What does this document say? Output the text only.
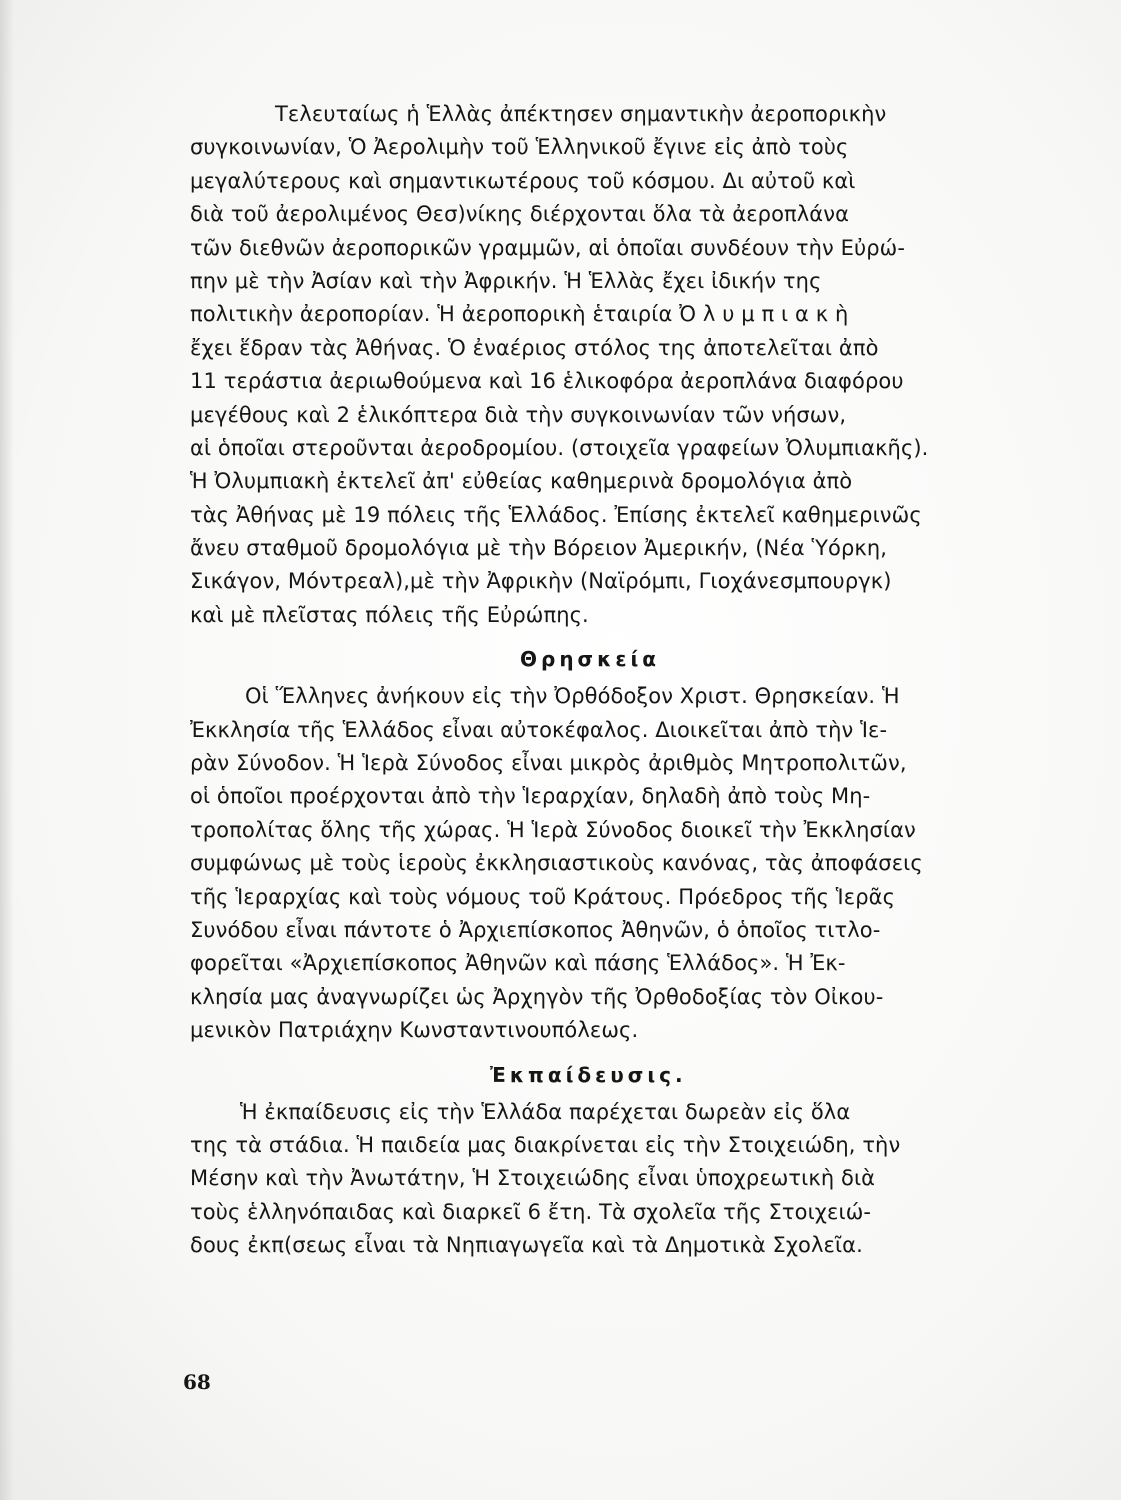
Τελευταίως ἡ Ἑλλὰς ἀπέκτησεν σημαντικὴν ἀεροπορικὴν
συγκοινωνίαν, Ὁ Ἀερολιμὴν τοῦ Ἑλληνικοῦ ἔγινε εἰς ἀπὸ τοὺς
μεγαλύτερους καὶ σημαντικωτέρους τοῦ κόσμου. Δι αὐτοῦ καὶ
διὰ τοῦ ἀερολιμένος Θεσ)νίκης διέρχονται ὅλα τὰ ἀεροπλάνα
τῶν διεθνῶν ἀεροπορικῶν γραμμῶν, αἱ ὁποῖαι συνδέουν τὴν Εὐρώ-
πην μὲ τὴν Ἀσίαν καὶ τὴν Ἀφρικήν. Ἡ Ἑλλὰς ἔχει ἰδικήν της
πολιτικὴν ἀεροπορίαν. Ἡ ἀεροπορικὴ ἑταιρία Ὀ λ υ μ π ι α κ ὴ
ἔχει ἕδραν τὰς Ἀθήνας. Ὁ ἐναέριος στόλος της ἀποτελεῖται ἀπὸ
11 τεράστια ἀεριωθούμενα καὶ 16 ἑλικοφόρα ἀεροπλάνα διαφόρου
μεγέθους καὶ 2 ἑλικόπτερα διὰ τὴν συγκοινωνίαν τῶν νήσων,
αἱ ὁποῖαι στεροῦνται ἀεροδρομίου. (στοιχεῖα γραφείων Ὀλυμπιακῆς).
Ἡ Ὀλυμπιακὴ ἐκτελεῖ ἀπ' εὐθείας καθημερινὰ δρομολόγια ἀπὸ
τὰς Ἀθήνας μὲ 19 πόλεις τῆς Ἑλλάδος. Ἐπίσης ἐκτελεῖ καθημερινῶς
ἄνευ σταθμοῦ δρομολόγια μὲ τὴν Βόρειον Ἀμερικήν, (Νέα Ὑόρκη,
Σικάγον, Μόντρεαλ),μὲ τὴν Ἀφρικὴν (Ναϊρόμπι, Γιοχάνεσμπουργκ)
καὶ μὲ πλεῖστας πόλεις τῆς Εὐρώπης.
Θρησκεία
Οἱ Ἕλληνες ἀνήκουν εἰς τὴν Ὀρθόδοξον Χριστ. Θρησκείαν. Ἡ
Ἐκκλησία τῆς Ἑλλάδος εἶναι αὐτοκέφαλος. Διοικεῖται ἀπὸ τὴν Ἱε-
ρὰν Σύνοδον. Ἡ Ἱερὰ Σύνοδος εἶναι μικρὸς ἀριθμὸς Μητροπολιτῶν,
οἱ ὁποῖοι προέρχονται ἀπὸ τὴν Ἱεραρχίαν, δηλαδὴ ἀπὸ τοὺς Μη-
τροπολίτας ὅλης τῆς χώρας. Ἡ Ἱερὰ Σύνοδος διοικεῖ τὴν Ἐκκλησίαν
συμφώνως μὲ τοὺς ἱεροὺς ἐκκλησιαστικοὺς κανόνας, τὰς ἀποφάσεις
τῆς Ἱεραρχίας καὶ τοὺς νόμους τοῦ Κράτους. Πρόεδρος τῆς Ἱερᾶς
Συνόδου εἶναι πάντοτε ὁ Ἀρχιεπίσκοπος Ἀθηνῶν, ὁ ὁποῖος τιτλο-
φορεῖται «Ἀρχιεπίσκοπος Ἀθηνῶν καὶ πάσης Ἑλλάδος». Ἡ Ἐκ-
κλησία μας ἀναγνωρίζει ὡς Ἀρχηγὸν τῆς Ὀρθοδοξίας τὸν Οἰκου-
μενικὸν Πατριάχην Κωνσταντινουπόλεως.
Ἐκπαίδευσις.
Ἡ ἐκπαίδευσις εἰς τὴν Ἑλλάδα παρέχεται δωρεὰν εἰς ὅλα
της τὰ στάδια. Ἡ παιδεία μας διακρίνεται εἰς τὴν Στοιχειώδη, τὴν
Μέσην καὶ τὴν Ἀνωτάτην, Ἡ Στοιχειώδης εἶναι ὑποχρεωτικὴ διὰ
τοὺς ἑλληνόπαιδας καὶ διαρκεῖ 6 ἔτη. Τὰ σχολεῖα τῆς Στοιχειώ-
δους ἐκπ(σεως εἶναι τὰ Νηπιαγωγεῖα καὶ τὰ Δημοτικὰ Σχολεῖα.
68
